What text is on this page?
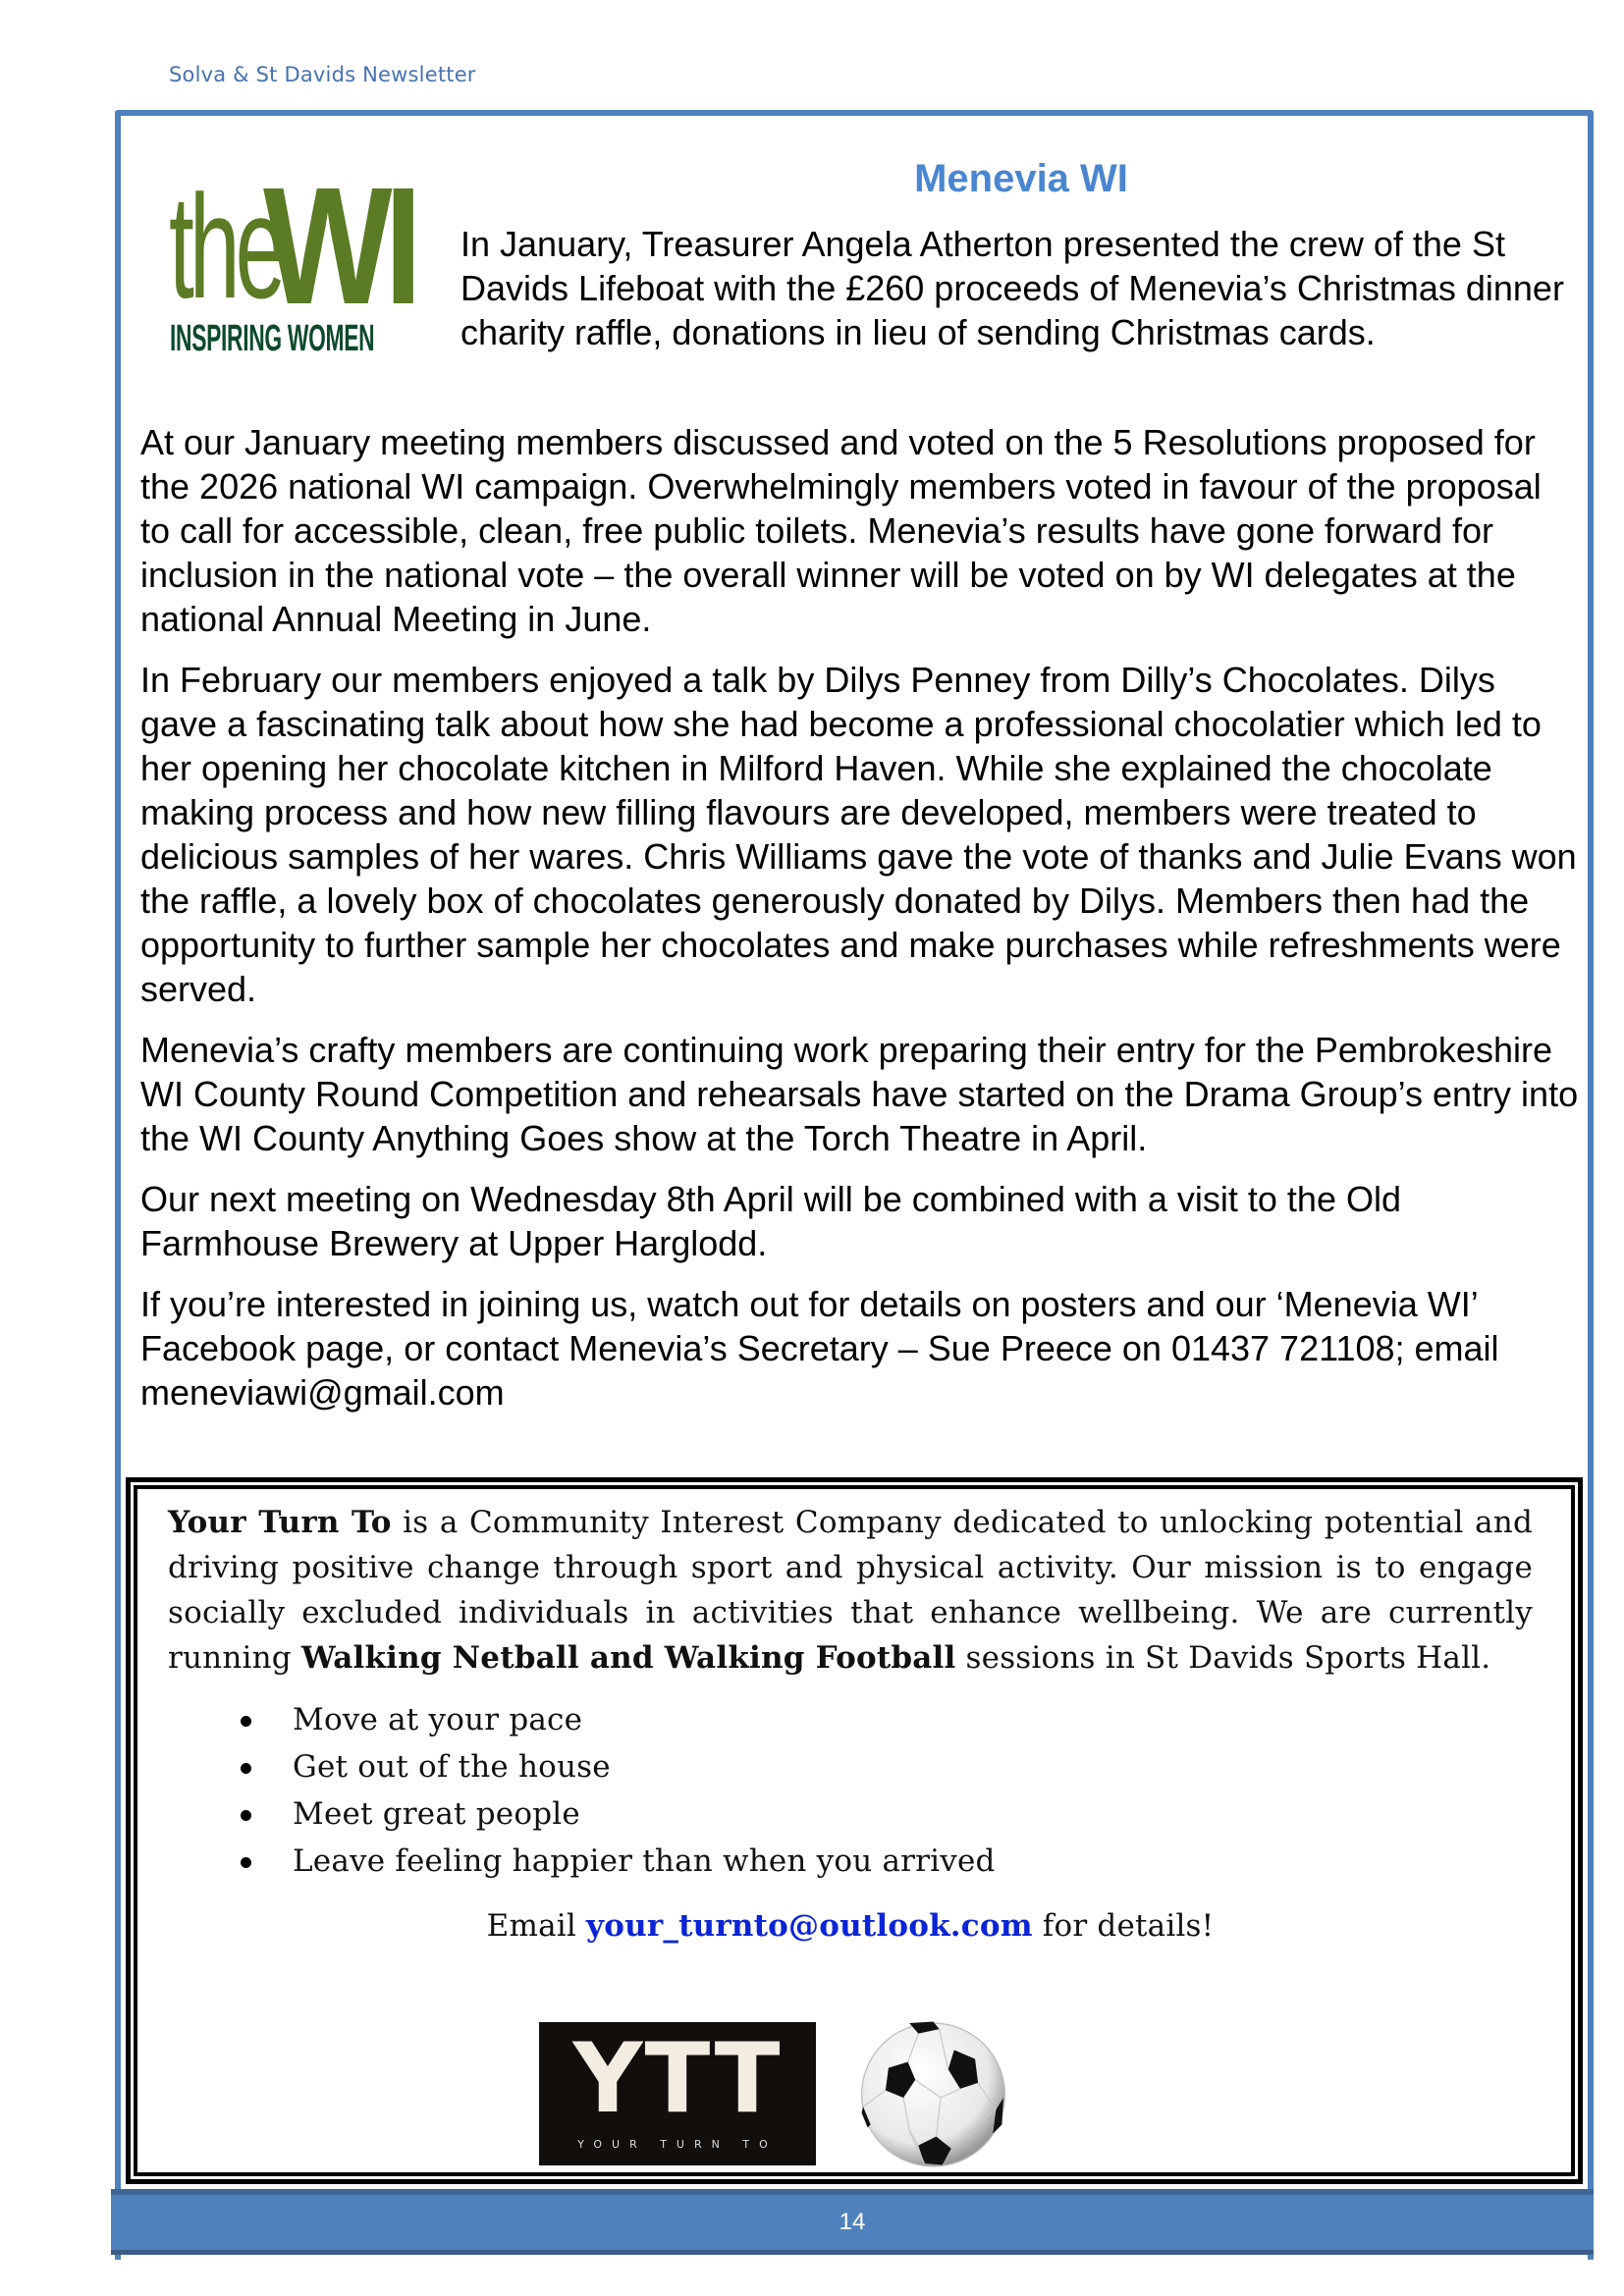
Solva & St Davids Newsletter
the
WI
INSPIRING WOMEN
Menevia WI

In January, Treasurer Angela Atherton presented the crew of the St Davids Lifeboat with the £260 proceeds of Menevia’s Christmas dinner charity raffle, donations in lieu of sending Christmas cards.

At our January meeting members discussed and voted on the 5 Resolutions proposed for the 2026 national WI campaign. Overwhelmingly members voted in favour of the proposal to call for accessible, clean, free public toilets. Menevia’s results have gone forward for inclusion in the national vote – the overall winner will be voted on by WI delegates at the national Annual Meeting in June.

In February our members enjoyed a talk by Dilys Penney from Dilly’s Chocolates. Dilys gave a fascinating talk about how she had become a professional chocolatier which led to her opening her chocolate kitchen in Milford Haven. While she explained the chocolate making process and how new filling flavours are developed, members were treated to delicious samples of her wares. Chris Williams gave the vote of thanks and Julie Evans won the raffle, a lovely box of chocolates generously donated by Dilys. Members then had the opportunity to further sample her chocolates and make purchases while refreshments were served.

Menevia’s crafty members are continuing work preparing their entry for the Pembrokeshire WI County Round Competition and rehearsals have started on the Drama Group’s entry into the WI County Anything Goes show at the Torch Theatre in April.

Our next meeting on Wednesday 8th April will be combined with a visit to the Old Farmhouse Brewery at Upper Harglodd.

If you’re interested in joining us, watch out for details on posters and our ‘Menevia WI’ Facebook page, or contact Menevia’s Secretary – Sue Preece on 01437 721108; email meneviawi@gmail.com

Your Turn To is a Community Interest Company dedicated to unlocking potential and driving positive change through sport and physical activity. Our mission is to engage socially excluded individuals in activities that enhance wellbeing. We are currently running Walking Netball and Walking Football sessions in St Davids Sports Hall.
Move at your pace
Get out of the house
Meet great people
Leave feeling happier than when you arrived
Email your_turnto@outlook.com for details!
YTT
YOUR TURN TO
14
